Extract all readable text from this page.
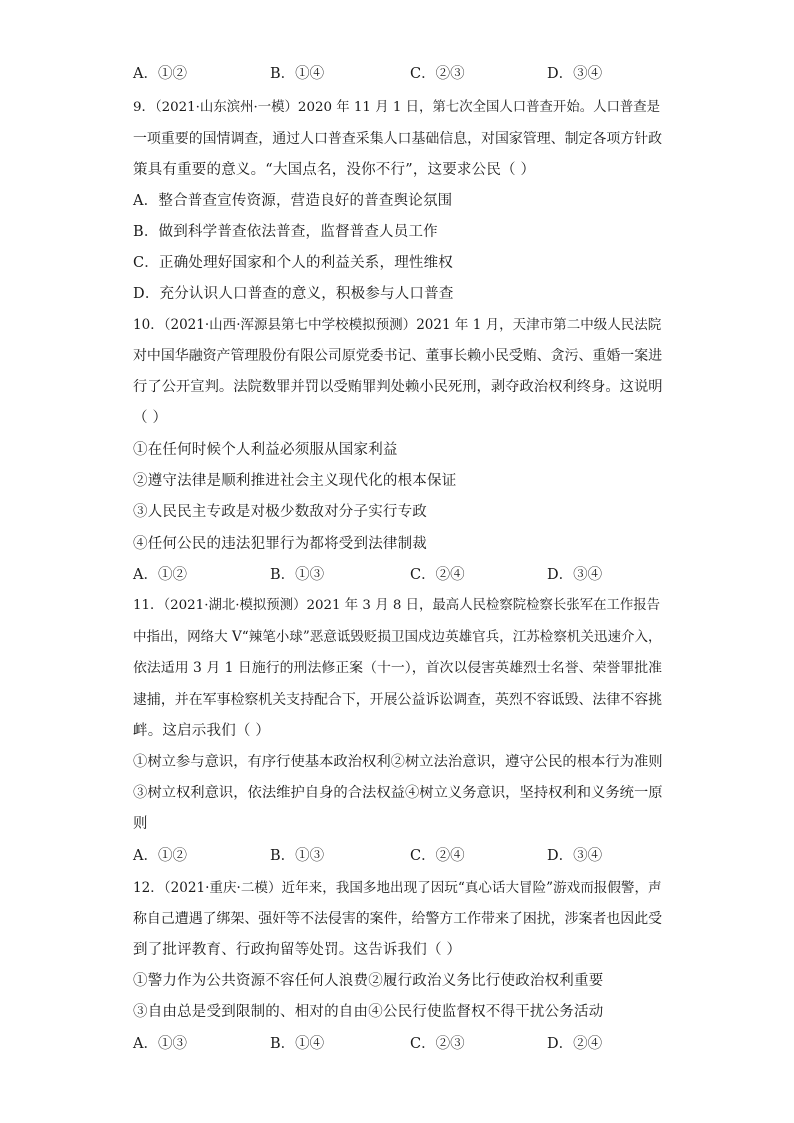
A．①②	B．①④	C．②③	D．③④
9．（2021·山东滨州·一模）2020 年 11 月 1 日，第七次全国人口普查开始。人口普查是
一项重要的国情调查，通过人口普查采集人口基础信息，对国家管理、制定各项方针政
策具有重要的意义。“大国点名，没你不行”，这要求公民（ ）
A．整合普查宣传资源，营造良好的普查舆论氛围
B．做到科学普查依法普查，监督普查人员工作
C．正确处理好国家和个人的利益关系，理性维权
D．充分认识人口普查的意义，积极参与人口普查
10．（2021·山西·浑源县第七中学校模拟预测）2021 年 1 月，天津市第二中级人民法院
对中国华融资产管理股份有限公司原党委书记、董事长赖小民受贿、贪污、重婚一案进
行了公开宣判。法院数罪并罚以受贿罪判处赖小民死刑，剥夺政治权利终身。这说明
（ ）
①在任何时候个人利益必须服从国家利益
②遵守法律是顺利推进社会主义现代化的根本保证
③人民民主专政是对极少数敌对分子实行专政
④任何公民的违法犯罪行为都将受到法律制裁
A．①②	B．①③	C．②④	D．③④
11．（2021·湖北·模拟预测）2021 年 3 月 8 日，最高人民检察院检察长张军在工作报告
中指出，网络大 V“辣笔小球”恶意诋毁贬损卫国戍边英雄官兵，江苏检察机关迅速介入，
依法适用 3 月 1 日施行的刑法修正案（十一），首次以侵害英雄烈士名誉、荣誉罪批准
逮捕，并在军事检察机关支持配合下，开展公益诉讼调查，英烈不容诋毁、法律不容挑
衅。这启示我们（ ）
①树立参与意识，有序行使基本政治权利②树立法治意识，遵守公民的根本行为准则
③树立权利意识，依法维护自身的合法权益④树立义务意识，坚持权利和义务统一原
则
A．①②	B．①③	C．②④	D．③④
12．（2021·重庆·二模）近年来，我国多地出现了因玩“真心话大冒险”游戏而报假警，声
称自己遭遇了绑架、强奸等不法侵害的案件，给警方工作带来了困扰，涉案者也因此受
到了批评教育、行政拘留等处罚。这告诉我们（ ）
①警力作为公共资源不容任何人浪费②履行政治义务比行使政治权利重要
③自由总是受到限制的、相对的自由④公民行使监督权不得干扰公务活动
A．①③	B．①④	C．②③	D．②④
